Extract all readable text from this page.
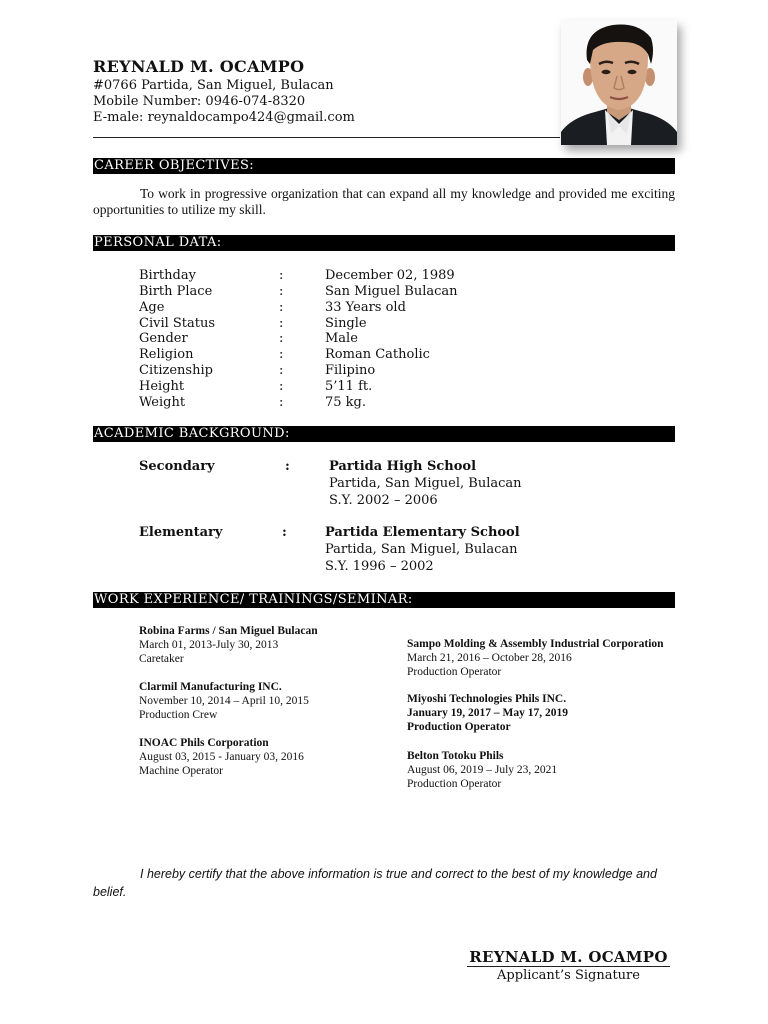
REYNALD M. OCAMPO
#0766 Partida, San Miguel, Bulacan
Mobile Number: 0946-074-8320
E-male: reynaldocampo424@gmail.com
CAREER OBJECTIVES:
To work in progressive organization that can expand all my knowledge and provided me exciting opportunities to utilize my skill.
PERSONAL DATA:
Birthday	:	December 02, 1989
Birth Place	:	San Miguel Bulacan
Age	:	33 Years old
Civil Status	:	Single
Gender	:	Male
Religion	:	Roman Catholic
Citizenship	:	Filipino
Height	:	5’11 ft.
Weight	:	75 kg.
ACADEMIC BACKGROUND:
Secondary	:	Partida High School
Partida, San Miguel, Bulacan
S.Y. 2002 – 2006
Elementary	:	Partida Elementary School
Partida, San Miguel, Bulacan
S.Y. 1996 – 2002
WORK EXPERIENCE/ TRAININGS/SEMINAR:
Robina Farms / San Miguel Bulacan
March 01, 2013-July 30, 2013
Caretaker
Clarmil Manufacturing INC.
November 10, 2014 – April 10, 2015
Production Crew
INOAC Phils Corporation
August 03, 2015 - January 03, 2016
Machine Operator
Sampo Molding & Assembly Industrial Corporation
March 21, 2016 – October 28, 2016
Production Operator
Miyoshi Technologies Phils INC.
January 19, 2017 – May 17, 2019
Production Operator
Belton Totoku Phils
August 06, 2019 – July 23, 2021
Production Operator
I hereby certify that the above information is true and correct to the best of my knowledge and belief.
REYNALD M. OCAMPO
Applicant’s Signature
